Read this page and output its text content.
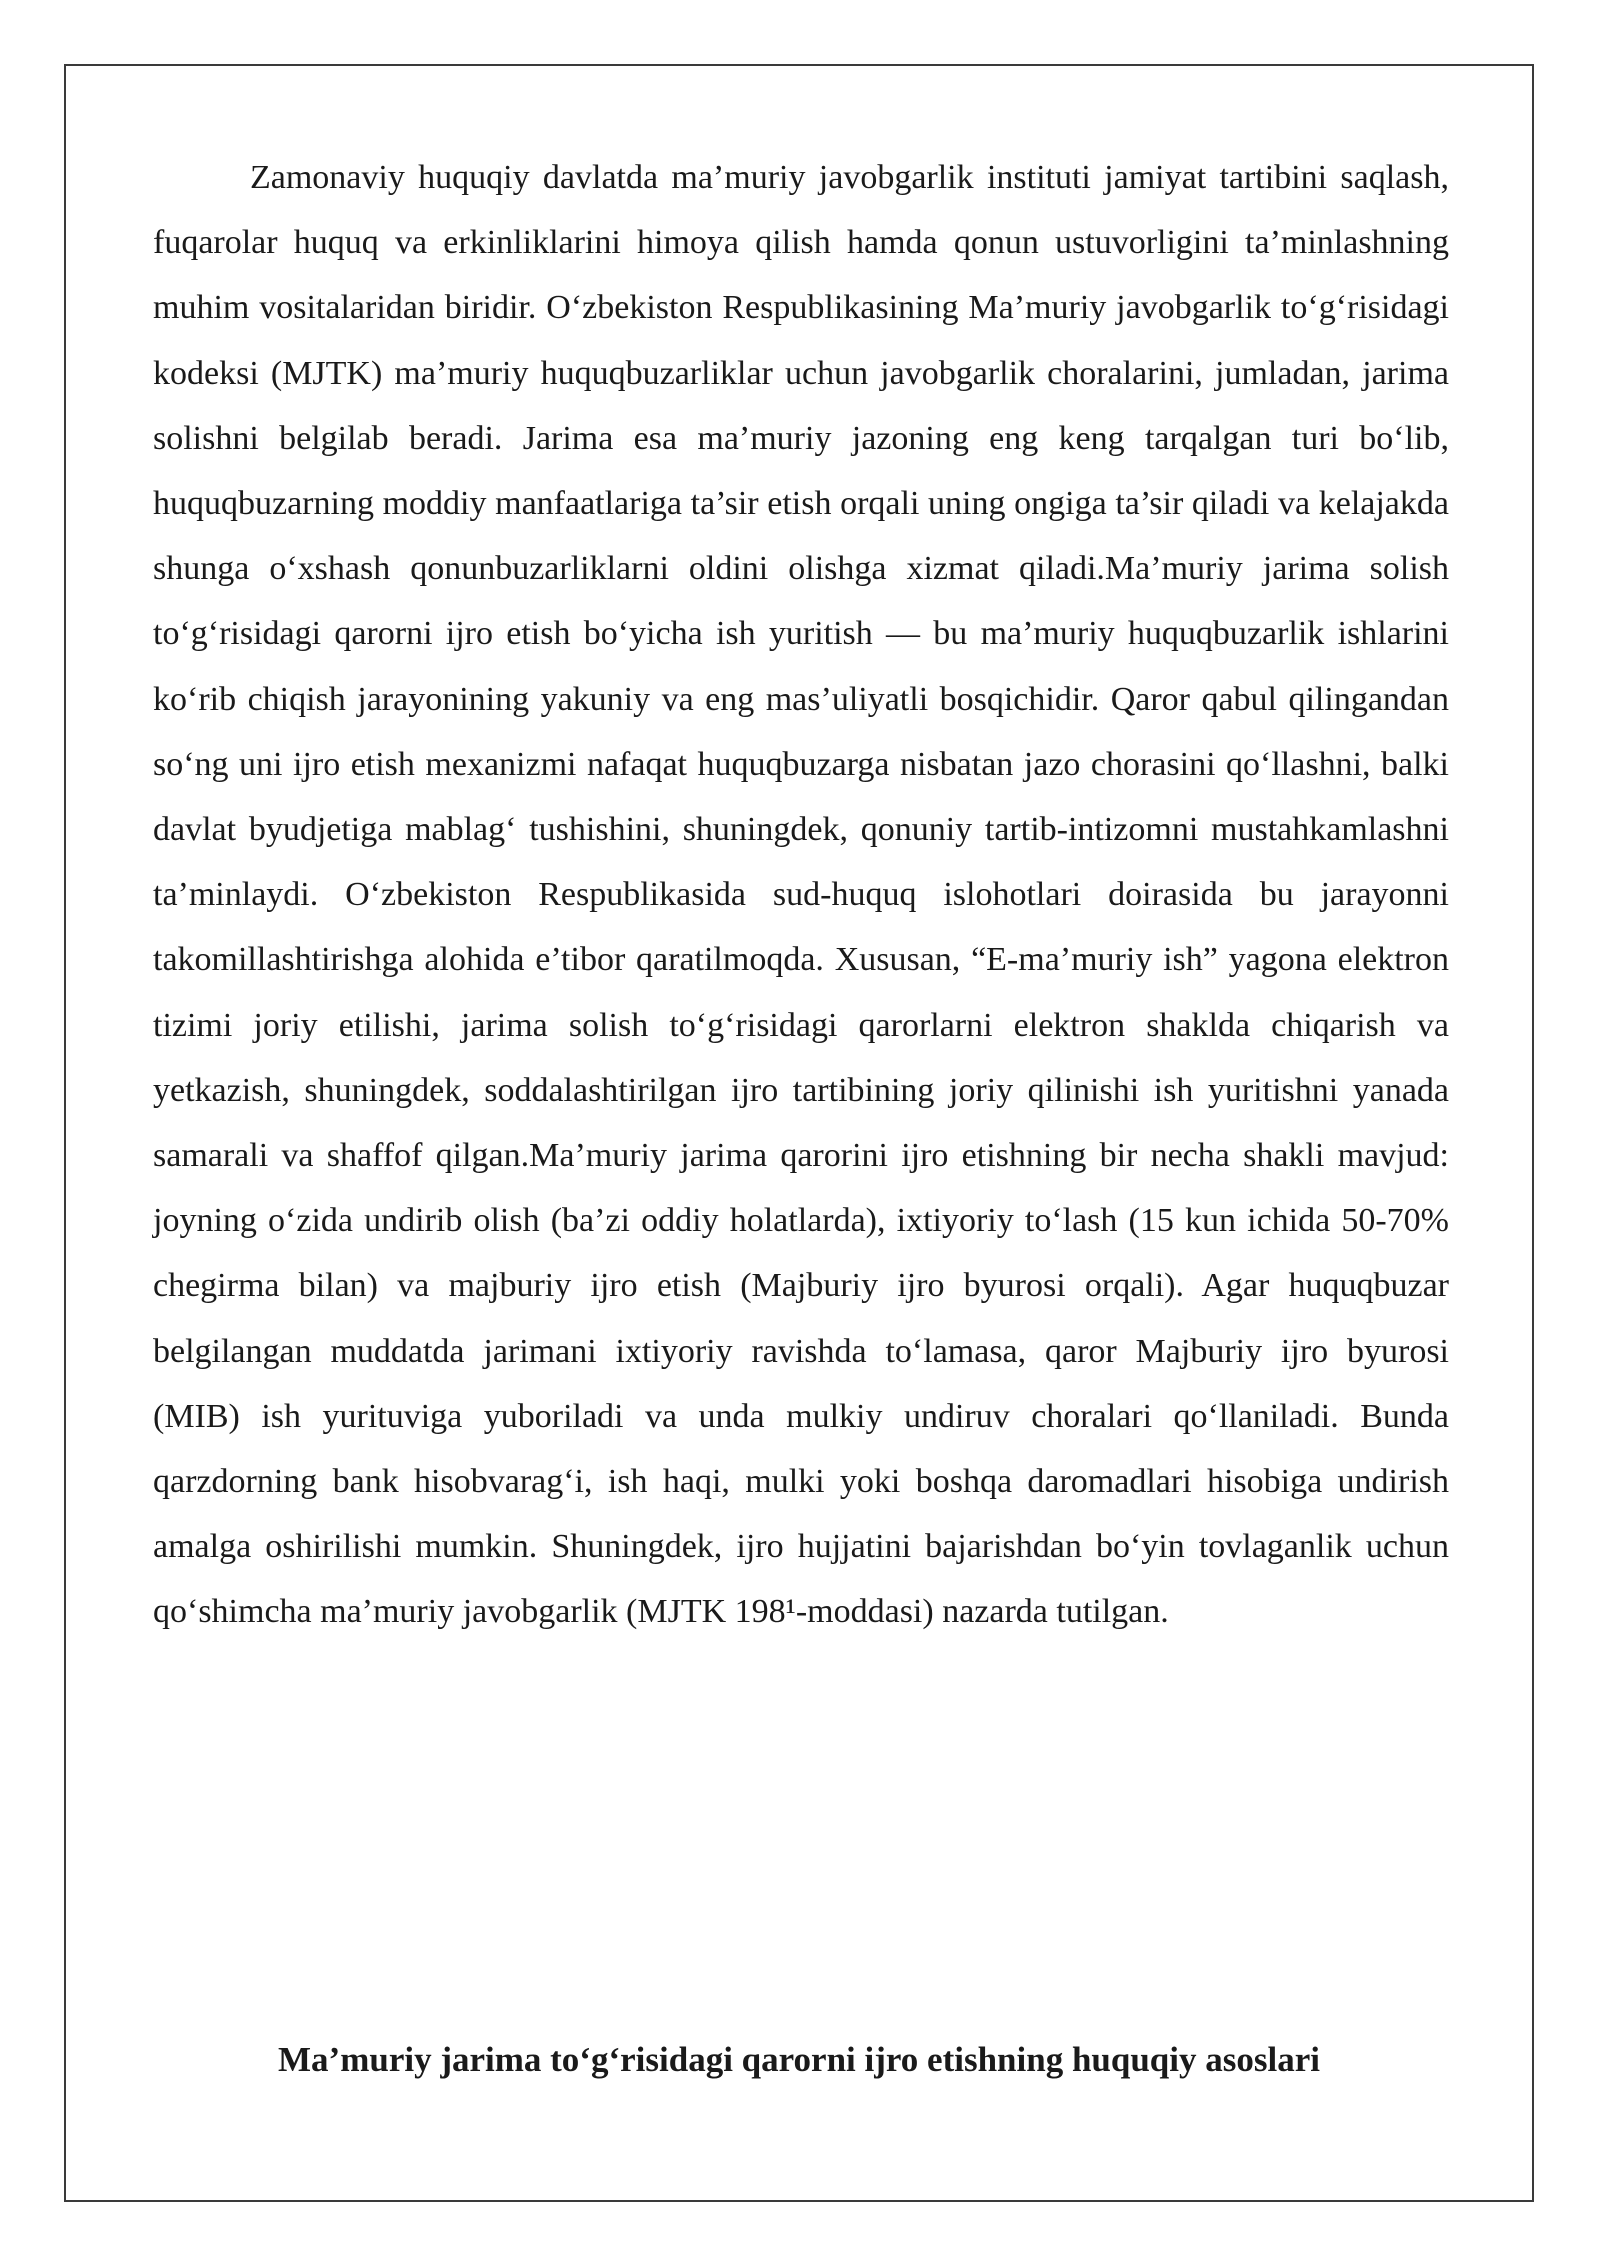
Zamonaviy huquqiy davlatda ma’muriy javobgarlik instituti jamiyat tartibini saqlash, fuqarolar huquq va erkinliklarini himoya qilish hamda qonun ustuvorligini ta’minlashning muhim vositalaridan biridir. O‘zbekiston Respublikasining Ma’muriy javobgarlik to‘g‘risidagi kodeksi (MJTK) ma’muriy huquqbuzarliklar uchun javobgarlik choralarini, jumladan, jarima solishni belgilab beradi. Jarima esa ma’muriy jazoning eng keng tarqalgan turi bo‘lib, huquqbuzarning moddiy manfaatlariga ta’sir etish orqali uning ongiga ta’sir qiladi va kelajakda shunga o‘xshash qonunbuzarliklarni oldini olishga xizmat qiladi.Ma’muriy jarima solish to‘g‘risidagi qarorni ijro etish bo‘yicha ish yuritish — bu ma’muriy huquqbuzarlik ishlarini ko‘rib chiqish jarayonining yakuniy va eng mas’uliyatli bosqichidir. Qaror qabul qilingandan so‘ng uni ijro etish mexanizmi nafaqat huquqbuzarga nisbatan jazo chorasini qo‘llashni, balki davlat byudjetiga mablag‘ tushishini, shuningdek, qonuniy tartib-intizomni mustahkamlashni ta’minlaydi. O‘zbekiston Respublikasida sud-huquq islohotlari doirasida bu jarayonni takomillashtirishga alohida e’tibor qaratilmoqda. Xususan, “E-ma’muriy ish” yagona elektron tizimi joriy etilishi, jarima solish to‘g‘risidagi qarorlarni elektron shaklda chiqarish va yetkazish, shuningdek, soddalashtirilgan ijro tartibining joriy qilinishi ish yuritishni yanada samarali va shaffof qilgan.Ma’muriy jarima qarorini ijro etishning bir necha shakli mavjud: joyning o‘zida undirib olish (ba’zi oddiy holatlarda), ixtiyoriy to‘lash (15 kun ichida 50-70% chegirma bilan) va majburiy ijro etish (Majburiy ijro byurosi orqali). Agar huquqbuzar belgilangan muddatda jarimani ixtiyoriy ravishda to‘lamasa, qaror Majburiy ijro byurosi (MIB) ish yurituviga yuboriladi va unda mulkiy undiruv choralari qo‘llaniladi. Bunda qarzdorning bank hisobvarag‘i, ish haqi, mulki yoki boshqa daromadlari hisobiga undirish amalga oshirilishi mumkin. Shuningdek, ijro hujjatini bajarishdan bo‘yin tovlaganlik uchun qo‘shimcha ma’muriy javobgarlik (MJTK 198¹-moddasi) nazarda tutilgan.

Ma’muriy jarima to‘g‘risidagi qarorni ijro etishning huquqiy asoslari
